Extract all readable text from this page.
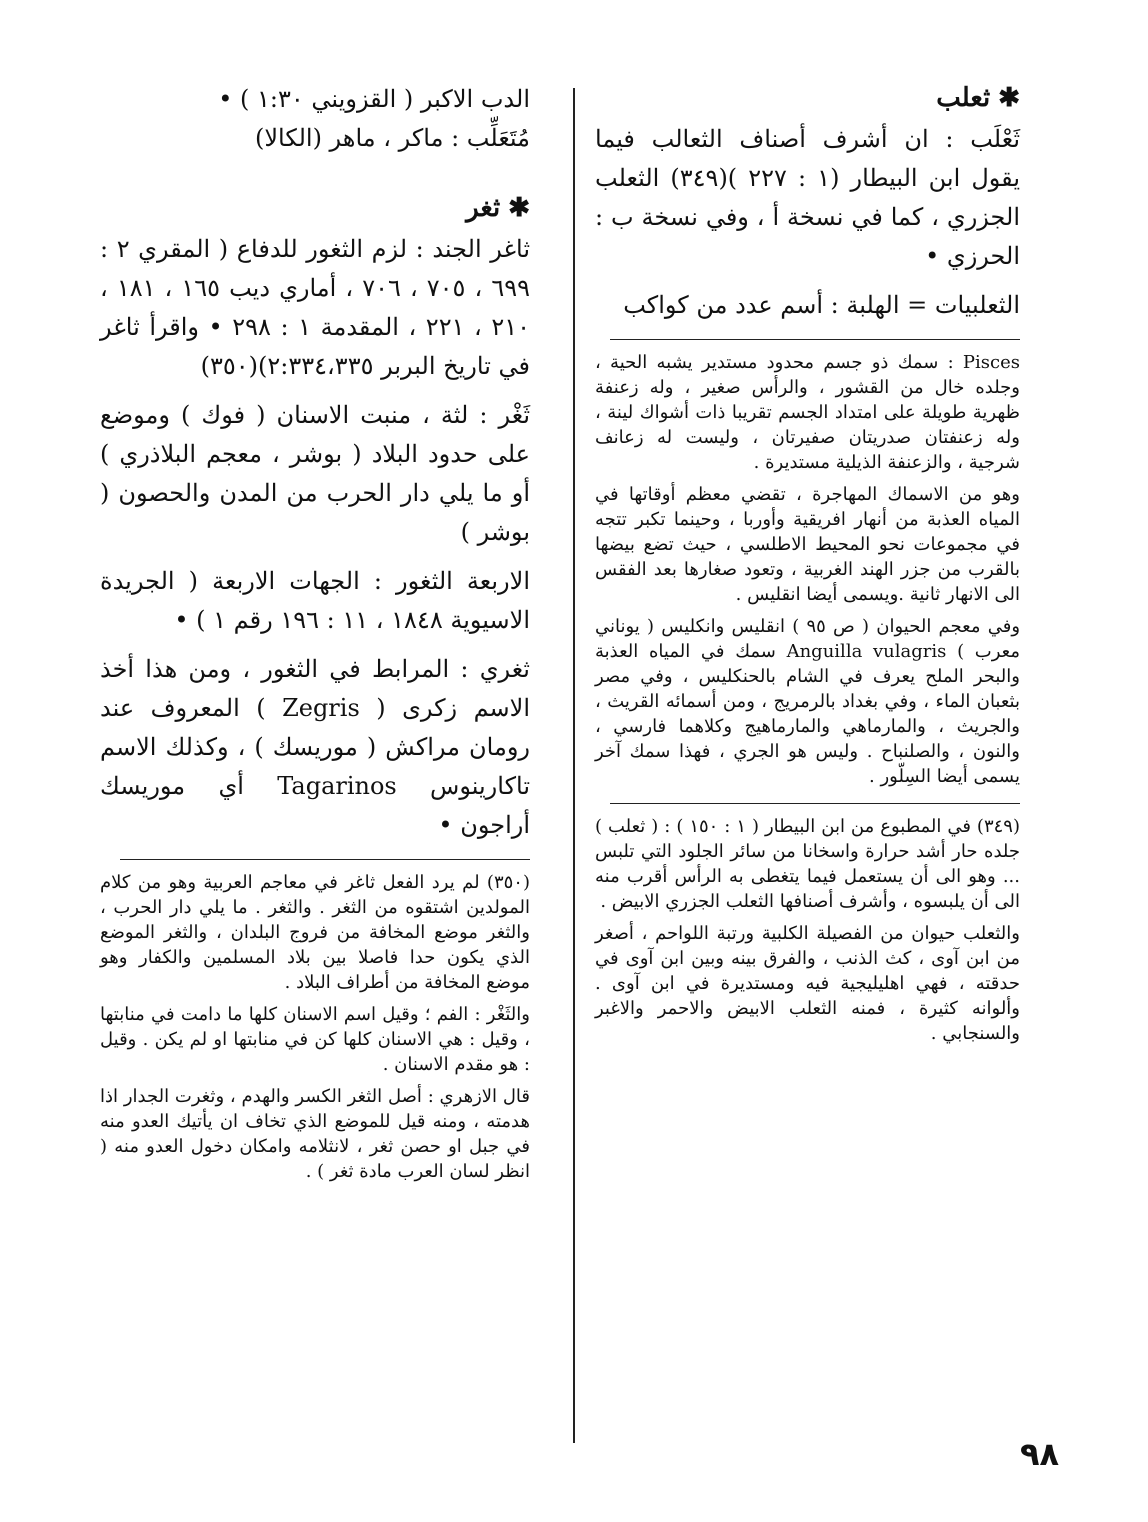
✱ثعلب
ثَعْلَب : ان أشرف أصناف الثعالب فيما يقول ابن البيطار (١ : ٢٢٧ )(٣٤٩) الثعلب الجزري ، كما في نسخة أ ، وفي نسخة ب : الحرزي •
الثعلبيات = الهلبة : أسم عدد من كواكب

Pisces : سمك ذو جسم محدود مستدير يشبه الحية ، وجلده خال من القشور ، والرأس صغير ، وله زعنفة ظهرية طويلة على امتداد الجسم تقريبا ذات أشواك لينة ، وله زعنفتان صدريتان صفيرتان ، وليست له زعانف شرجية ، والزعنفة الذيلية مستديرة .

وهو من الاسماك المهاجرة ، تقضي معظم أوقاتها في المياه العذبة من أنهار افريقية وأوربا ، وحينما تكبر تتجه في مجموعات نحو المحيط الاطلسي ، حيث تضع بيضها بالقرب من جزر الهند الغربية ، وتعود صغارها بعد الفقس الى الانهار ثانية .ويسمى أيضا انقليس .

وفي معجم الحيوان ( ص ٩٥ ) انقليس وانكليس ( يوناني معرب ) Anguilla vulagris سمك في المياه العذبة والبحر الملح يعرف في الشام بالحنكليس ، وفي مصر بثعبان الماء ، وفي بغداد بالرمريج ، ومن أسمائه القريث ، والجريث ، والمارماهي والمارماهيج وكلاهما فارسي ، والنون ، والصلنباح . وليس هو الجري ، فهذا سمك آخر يسمى أيضا السِلّور .

(٣٤٩) في المطبوع من ابن البيطار ( ١ : ١٥٠ ) : ( ثعلب ) جلده حار أشد حرارة واسخانا من سائر الجلود التي تلبس ... وهو الى أن يستعمل فيما يتغطى به الرأس أقرب منه الى أن يلبسوه ، وأشرف أصنافها الثعلب الجزري الابيض .

والثعلب حيوان من الفصيلة الكلبية ورتبة اللواحم ، أصغر من ابن آوى ، كث الذنب ، والفرق بينه وبين ابن آوى في حدقته ، فهي اهليليجية فيه ومستديرة في ابن آوى . وألوانه كثيرة ، فمنه الثعلب الابيض والاحمر والاغبر والسنجابي .

الدب الاكبر ( القزويني ١:٣٠ ) •
مُتَعَلِّب : ماكر ، ماهر (الكالا)
✱ثغر
ثاغر الجند : لزم الثغور للدفاع ( المقري ٢ : ٦٩٩ ، ٧٠٥ ، ٧٠٦ ، أماري ديب ١٦٥ ، ١٨١ ، ٢١٠ ، ٢٢١ ، المقدمة ١ : ٢٩٨ • واقرأ ثاغر في تاريخ البربر ٢:٣٣٤،٣٣٥)(٣٥٠)
ثَغْر : لثة ، منبت الاسنان ( فوك ) وموضع على حدود البلاد ( بوشر ، معجم البلاذري ) أو ما يلي دار الحرب من المدن والحصون ( بوشر )
الاربعة الثغور : الجهات الاربعة ( الجريدة الاسيوية ١٨٤٨ ، ١١ : ١٩٦ رقم ١ ) •
ثغري : المرابط في الثغور ، ومن هذا أخذ الاسم زكرى ( Zegris ) المعروف عند رومان مراكش ( موريسك ) ، وكذلك الاسم تاكارينوس Tagarinos أي موريسك أراجون •

(٣٥٠) لم يرد الفعل ثاغر في معاجم العربية وهو من كلام المولدين اشتقوه من الثغر . والثغر . ما يلي دار الحرب ، والثغر موضع المخافة من فروج البلدان ، والثغر الموضع الذي يكون حدا فاصلا بين بلاد المسلمين والكفار وهو موضع المخافة من أطراف البلاد .

والثَغْر : الفم ؛ وقيل اسم الاسنان كلها ما دامت في منابتها ، وقيل : هي الاسنان كلها كن في منابتها او لم يكن . وقيل : هو مقدم الاسنان .

قال الازهري : أصل الثغر الكسر والهدم ، وثغرت الجدار اذا هدمته ، ومنه قيل للموضع الذي تخاف ان يأتيك العدو منه في جبل او حصن ثغر ، لانثلامه وامكان دخول العدو منه ( انظر لسان العرب مادة ثغر ) .

٩٨
